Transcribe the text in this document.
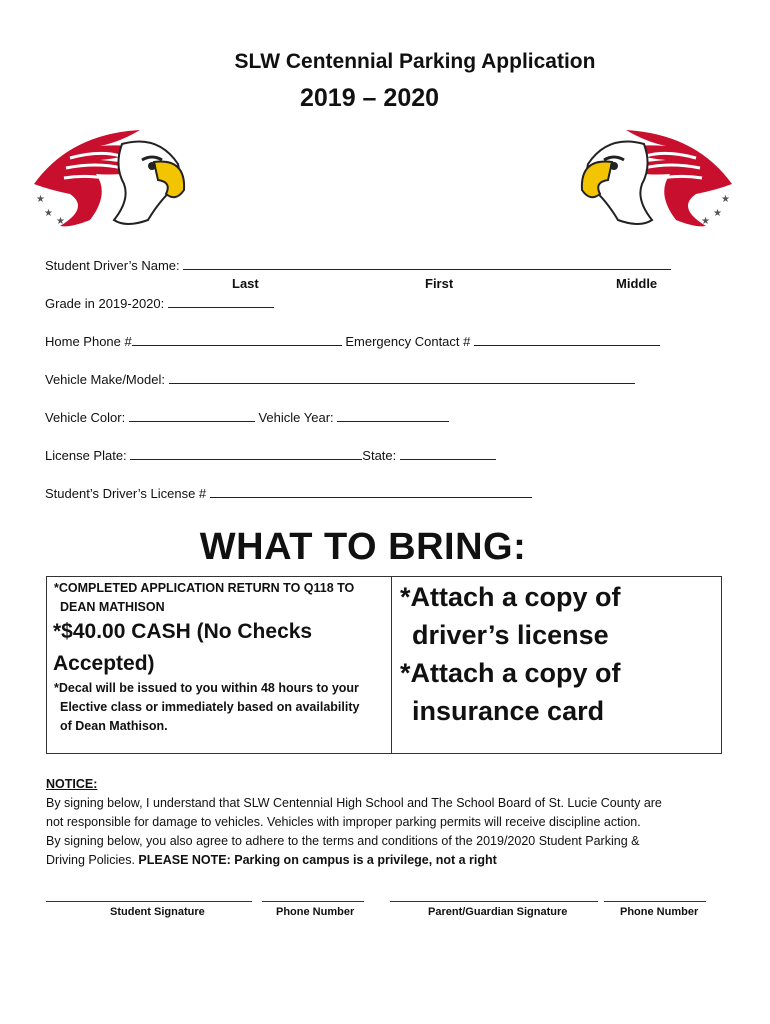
SLW Centennial Parking Application
2019 – 2020
★
★
★
★
★
★
Student Driver’s Name:
Last	First	Middle
Grade in 2019-2020:
Home Phone #	Emergency Contact #
Vehicle Make/Model:
Vehicle Color:	Vehicle Year:
License Plate:	State:
Student’s Driver’s License #
WHAT TO BRING:
*COMPLETED APPLICATION RETURN TO Q118 TO
DEAN MATHISON
*$40.00 CASH (No Checks
Accepted)
*Decal will be issued to you within 48 hours to your
Elective class or immediately based on availability
of Dean Mathison.
*Attach a copy of
driver’s license
*Attach a copy of
insurance card
NOTICE:
By signing below, I understand that SLW Centennial High School and The School Board of St. Lucie County are
not responsible for damage to vehicles. Vehicles with improper parking permits will receive discipline action.
By signing below, you also agree to adhere to the terms and conditions of the 2019/2020 Student Parking &
Driving Policies. PLEASE NOTE: Parking on campus is a privilege, not a right
Student Signature	Phone Number	Parent/Guardian Signature	Phone Number
